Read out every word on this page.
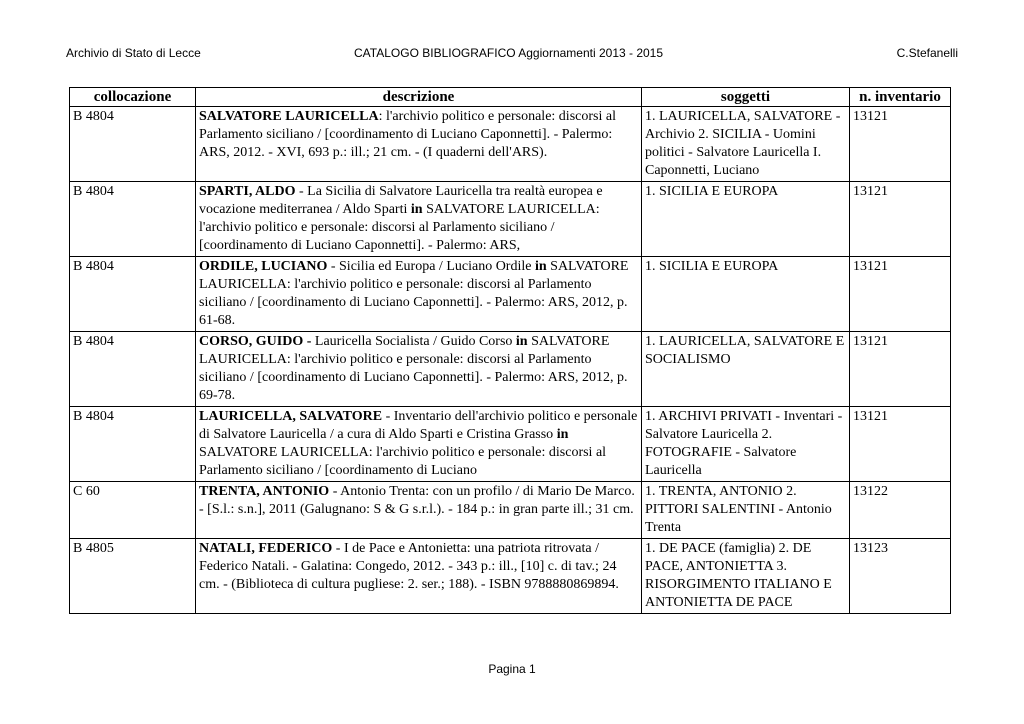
Archivio di Stato di Lecce	CATALOGO BIBLIOGRAFICO Aggiornamenti 2013 - 2015	C.Stefanelli
collocazione	descrizione	soggetti	n. inventario
B 4804	SALVATORE LAURICELLA: l'archivio politico e personale: discorsi al Parlamento siciliano / [coordinamento di Luciano Caponnetti]. - Palermo: ARS, 2012. - XVI, 693 p.: ill.; 21 cm. - (I quaderni dell'ARS).	1. LAURICELLA, SALVATORE - Archivio 2. SICILIA - Uomini politici - Salvatore Lauricella I. Caponnetti, Luciano	13121
B 4804	SPARTI, ALDO - La Sicilia di Salvatore Lauricella tra realtà europea e vocazione mediterranea / Aldo Sparti in SALVATORE LAURICELLA: l'archivio politico e personale: discorsi al Parlamento siciliano / [coordinamento di Luciano Caponnetti]. - Palermo: ARS,	1. SICILIA E EUROPA	13121
B 4804	ORDILE, LUCIANO - Sicilia ed Europa / Luciano Ordile in SALVATORE LAURICELLA: l'archivio politico e personale: discorsi al Parlamento siciliano / [coordinamento di Luciano Caponnetti]. - Palermo: ARS, 2012, p. 61-68.	1. SICILIA E EUROPA	13121
B 4804	CORSO, GUIDO - Lauricella Socialista / Guido Corso in SALVATORE LAURICELLA: l'archivio politico e personale: discorsi al Parlamento siciliano / [coordinamento di Luciano Caponnetti]. - Palermo: ARS, 2012, p. 69-78.	1. LAURICELLA, SALVATORE E SOCIALISMO	13121
B 4804	LAURICELLA, SALVATORE - Inventario dell'archivio politico e personale di Salvatore Lauricella / a cura di Aldo Sparti e Cristina Grasso in SALVATORE LAURICELLA: l'archivio politico e personale: discorsi al Parlamento siciliano / [coordinamento di Luciano	1. ARCHIVI PRIVATI - Inventari - Salvatore Lauricella 2. FOTOGRAFIE - Salvatore Lauricella	13121
C 60	TRENTA, ANTONIO - Antonio Trenta: con un profilo / di Mario De Marco. - [S.l.: s.n.], 2011 (Galugnano: S & G s.r.l.). - 184 p.: in gran parte ill.; 31 cm.	1. TRENTA, ANTONIO 2. PITTORI SALENTINI - Antonio Trenta	13122
B 4805	NATALI, FEDERICO - I de Pace e Antonietta: una patriota ritrovata / Federico Natali. - Galatina: Congedo, 2012. - 343 p.: ill., [10] c. di tav.; 24 cm. - (Biblioteca di cultura pugliese: 2. ser.; 188). - ISBN 9788880869894.	1. DE PACE (famiglia) 2. DE PACE, ANTONIETTA 3. RISORGIMENTO ITALIANO E ANTONIETTA DE PACE	13123
Pagina 1
